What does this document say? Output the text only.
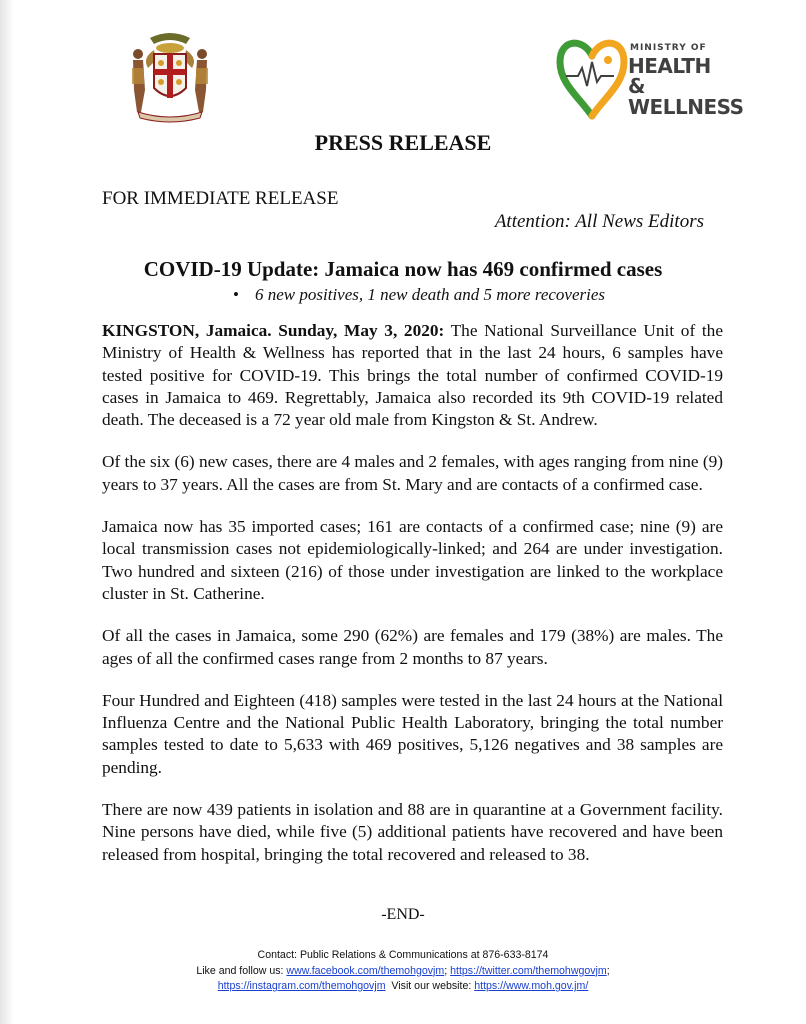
MINISTRY OF
HEALTH &
WELLNESS
PRESS RELEASE

FOR IMMEDIATE RELEASE

Attention: All News Editors

COVID-19 Update: Jamaica now has 469 confirmed cases

• 6 new positives, 1 new death and 5 more recoveries

KINGSTON, Jamaica. Sunday, May 3, 2020: The National Surveillance Unit of the Ministry of Health & Wellness has reported that in the last 24 hours, 6 samples have tested positive for COVID-19. This brings the total number of confirmed COVID-19 cases in Jamaica to 469. Regrettably, Jamaica also recorded its 9th COVID-19 related death. The deceased is a 72 year old male from Kingston & St. Andrew.

Of the six (6) new cases, there are 4 males and 2 females, with ages ranging from nine (9) years to 37 years. All the cases are from St. Mary and are contacts of a confirmed case.

Jamaica now has 35 imported cases; 161 are contacts of a confirmed case; nine (9) are local transmission cases not epidemiologically-linked; and 264 are under investigation. Two hundred and sixteen (216) of those under investigation are linked to the workplace cluster in St. Catherine.

Of all the cases in Jamaica, some 290 (62%) are females and 179 (38%) are males. The ages of all the confirmed cases range from 2 months to 87 years.

Four Hundred and Eighteen (418) samples were tested in the last 24 hours at the National Influenza Centre and the National Public Health Laboratory, bringing the total number samples tested to date to 5,633 with 469 positives, 5,126 negatives and 38 samples are pending.

There are now 439 patients in isolation and 88 are in quarantine at a Government facility. Nine persons have died, while five (5) additional patients have recovered and have been released from hospital, bringing the total recovered and released to 38.

-END-

Contact: Public Relations & Communications at 876-633-8174

Like and follow us: www.facebook.com/themohgovjm; https://twitter.com/themohwgovjm;

https://instagram.com/themohgovjm  Visit our website: https://www.moh.gov.jm/
